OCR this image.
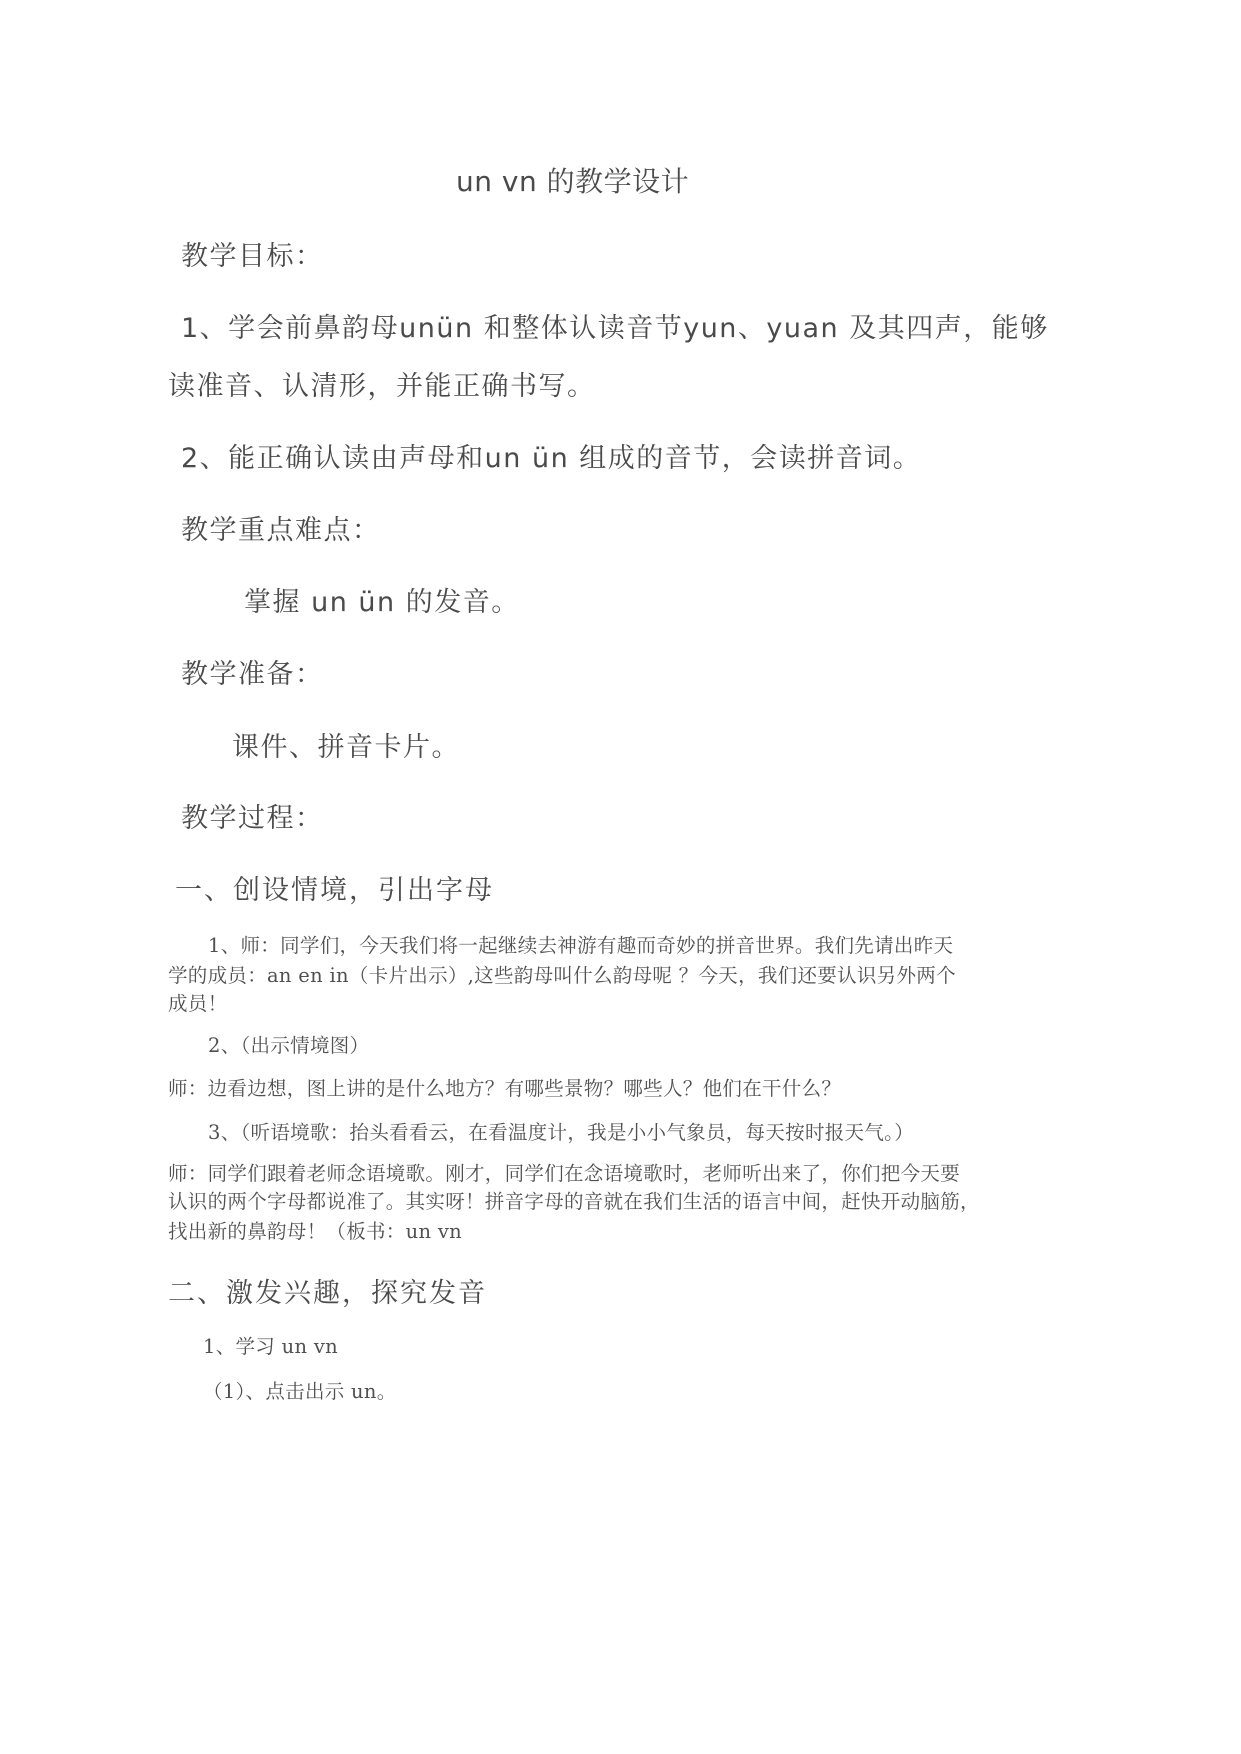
un vn 的教学设计

教学目标：

1、学会前鼻韵母unün 和整体认读音节yun、yuan 及其四声，能够

读准音、认清形，并能正确书写。

2、能正确认读由声母和un ün 组成的音节，会读拼音词。

教学重点难点：

掌握 un ün 的发音。

教学准备：

课件、拼音卡片。

教学过程：

一、创设情境，引出字母

1、师：同学们，今天我们将一起继续去神游有趣而奇妙的拼音世界。我们先请出昨天

学的成员：an en in（卡片出示）,这些韵母叫什么韵母呢 ？今天，我们还要认识另外两个

成员！

2、（出示情境图）

师：边看边想，图上讲的是什么地方？有哪些景物？哪些人？他们在干什么？

3、（听语境歌：抬头看看云，在看温度计，我是小小气象员，每天按时报天气。）

师：同学们跟着老师念语境歌。刚才，同学们在念语境歌时，老师听出来了，你们把今天要

认识的两个字母都说准了。其实呀！拼音字母的音就在我们生活的语言中间，赶快开动脑筋，

找出新的鼻韵母！（板书：un vn

二、激发兴趣，探究发音

1、学习 un vn

（1）、点击出示 un。
